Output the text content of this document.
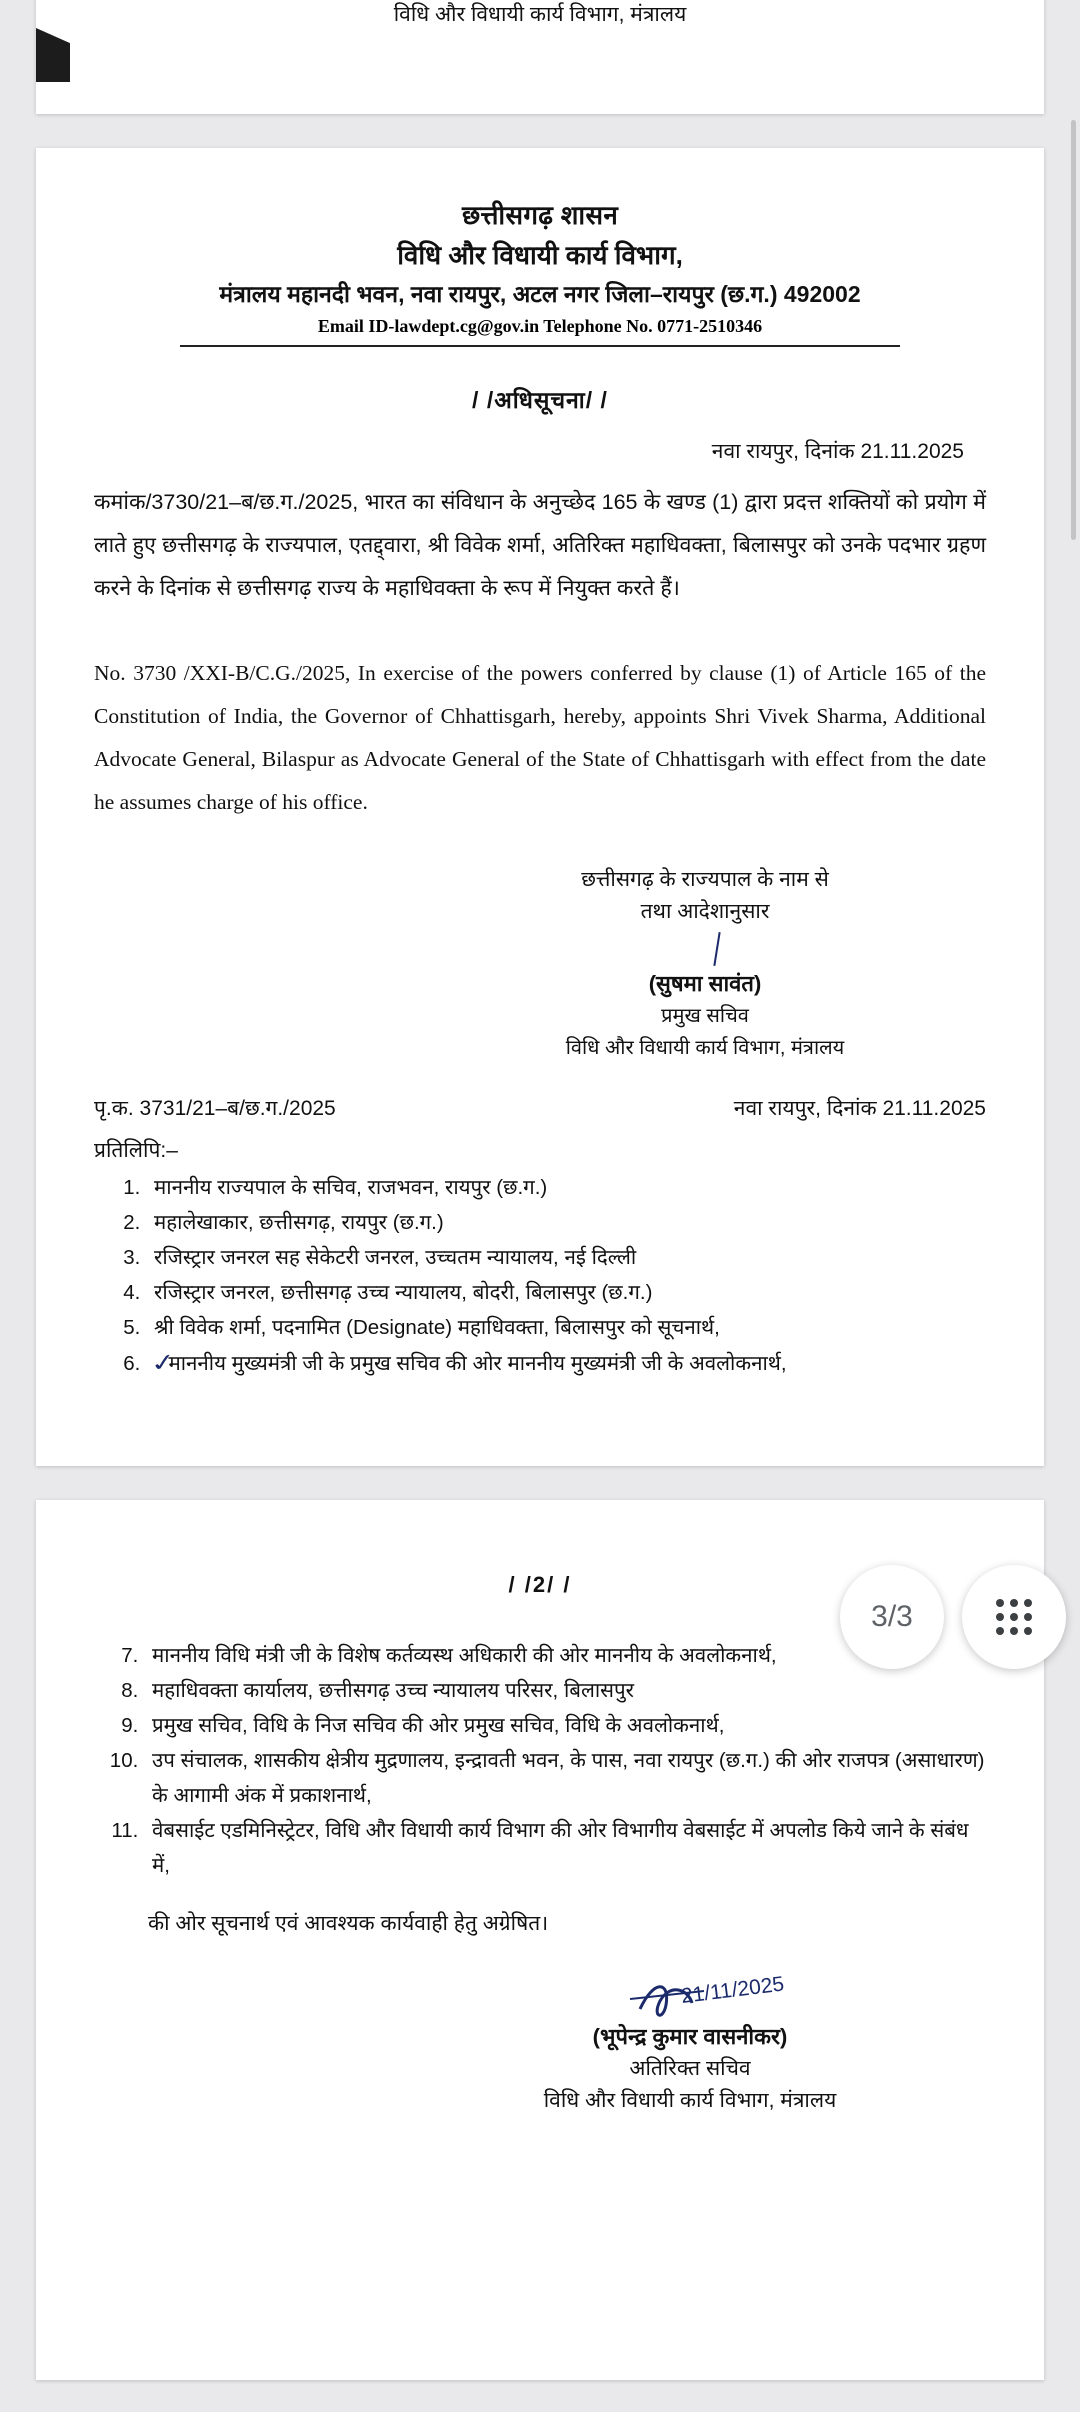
विधि और विधायी कार्य विभाग, मंत्रालय
छत्तीसगढ़ शासन
विधि और विधायी कार्य विभाग,
मंत्रालय महानदी भवन, नवा रायपुर, अटल नगर जिला–रायपुर (छ.ग.) 492002
Email ID-lawdept.cg@gov.in Telephone No. 0771-2510346
/ /अधिसूचना/ /
नवा रायपुर, दिनांक 21.11.2025
कमांक/3730/21–ब/छ.ग./2025, भारत का संविधान के अनुच्छेद 165 के खण्ड (1) द्वारा प्रदत्त शक्तियों को प्रयोग में लाते हुए छत्तीसगढ़ के राज्यपाल, एतद्द्वारा, श्री विवेक शर्मा, अतिरिक्त महाधिवक्ता, बिलासपुर को उनके पदभार ग्रहण करने के दिनांक से छत्तीसगढ़ राज्य के महाधिवक्ता के रूप में नियुक्त करते हैं।
No. 3730 /XXI-B/C.G./2025, In exercise of the powers conferred by clause (1) of Article 165 of the Constitution of India, the Governor of Chhattisgarh, hereby, appoints Shri Vivek Sharma, Additional Advocate General, Bilaspur as Advocate General of the State of Chhattisgarh with effect from the date he assumes charge of his office.
छत्तीसगढ़ के राज्यपाल के नाम से
तथा आदेशानुसार
(सुषमा सावंत)
प्रमुख सचिव
विधि और विधायी कार्य विभाग, मंत्रालय
पृ.क. 3731/21–ब/छ.ग./2025	नवा रायपुर, दिनांक 21.11.2025
प्रतिलिपि:–
1. माननीय राज्यपाल के सचिव, राजभवन, रायपुर (छ.ग.)
2. महालेखाकार, छत्तीसगढ़, रायपुर (छ.ग.)
3. रजिस्ट्रार जनरल सह सेकेटरी जनरल, उच्चतम न्यायालय, नई दिल्ली
4. रजिस्ट्रार जनरल, छत्तीसगढ़ उच्च न्यायालय, बोदरी, बिलासपुर (छ.ग.)
5. श्री विवेक शर्मा, पदनामित (Designate) महाधिवक्ता, बिलासपुर को सूचनार्थ,
6. ✓माननीय मुख्यमंत्री जी के प्रमुख सचिव की ओर माननीय मुख्यमंत्री जी के अवलोकनार्थ,
/ /2/ /
7. माननीय विधि मंत्री जी के विशेष कर्तव्यस्थ अधिकारी की ओर माननीय के अवलोकनार्थ,
8. महाधिवक्ता कार्यालय, छत्तीसगढ़ उच्च न्यायालय परिसर, बिलासपुर
9. प्रमुख सचिव, विधि के निज सचिव की ओर प्रमुख सचिव, विधि के अवलोकनार्थ,
10. उप संचालक, शासकीय क्षेत्रीय मुद्रणालय, इन्द्रावती भवन, के पास, नवा रायपुर (छ.ग.) की ओर राजपत्र (असाधारण) के आगामी अंक में प्रकाशनार्थ,
11. वेबसाईट एडमिनिस्ट्रेटर, विधि और विधायी कार्य विभाग की ओर विभागीय वेबसाईट में अपलोड किये जाने के संबंध में,
की ओर सूचनार्थ एवं आवश्यक कार्यवाही हेतु अग्रेषित।
21/11/2025
(भूपेन्द्र कुमार वासनीकर)
अतिरिक्त सचिव
विधि और विधायी कार्य विभाग, मंत्रालय
3/3
